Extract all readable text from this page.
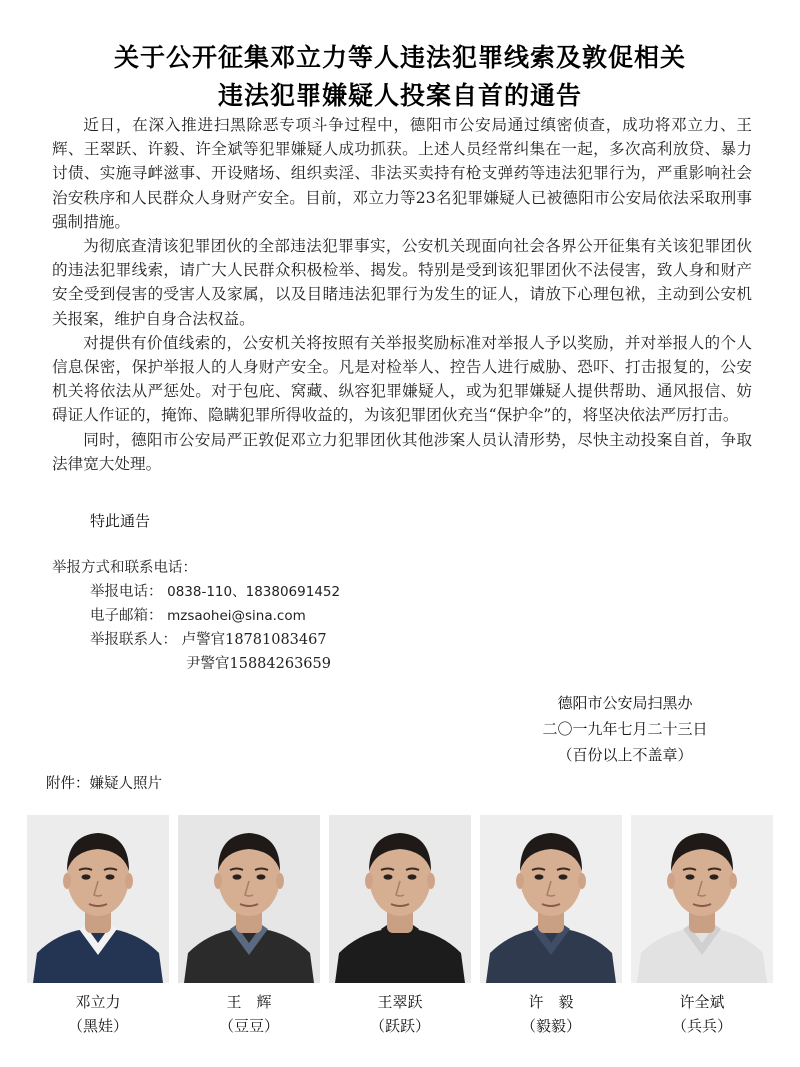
关于公开征集邓立力等人违法犯罪线索及敦促相关
违法犯罪嫌疑人投案自首的通告

近日，在深入推进扫黑除恶专项斗争过程中，德阳市公安局通过缜密侦查，成功将邓立力、王辉、王翠跃、许毅、许全斌等犯罪嫌疑人成功抓获。上述人员经常纠集在一起，多次高利放贷、暴力讨债、实施寻衅滋事、开设赌场、组织卖淫、非法买卖持有枪支弹药等违法犯罪行为，严重影响社会治安秩序和人民群众人身财产安全。目前，邓立力等23名犯罪嫌疑人已被德阳市公安局依法采取刑事强制措施。

为彻底查清该犯罪团伙的全部违法犯罪事实，公安机关现面向社会各界公开征集有关该犯罪团伙的违法犯罪线索，请广大人民群众积极检举、揭发。特别是受到该犯罪团伙不法侵害，致人身和财产安全受到侵害的受害人及家属，以及目睹违法犯罪行为发生的证人，请放下心理包袱，主动到公安机关报案，维护自身合法权益。

对提供有价值线索的，公安机关将按照有关举报奖励标准对举报人予以奖励，并对举报人的个人信息保密，保护举报人的人身财产安全。凡是对检举人、控告人进行威胁、恐吓、打击报复的，公安机关将依法从严惩处。对于包庇、窝藏、纵容犯罪嫌疑人，或为犯罪嫌疑人提供帮助、通风报信、妨碍证人作证的，掩饰、隐瞒犯罪所得收益的，为该犯罪团伙充当“保护伞”的，将坚决依法严厉打击。

同时，德阳市公安局严正敦促邓立力犯罪团伙其他涉案人员认清形势，尽快主动投案自首，争取法律宽大处理。

特此通告
举报方式和联系电话：
举报电话： 0838-110、18380691452
电子邮箱： mzsaohei@sina.com
举报联系人： 卢警官18781083467
尹警官15884263659
德阳市公安局扫黑办
二〇一九年七月二十三日
（百份以上不盖章）
附件：嫌疑人照片
邓立力
（黑娃）
王　辉
（豆豆）
王翠跃
（跃跃）
许　毅
（毅毅）
许全斌
（兵兵）
